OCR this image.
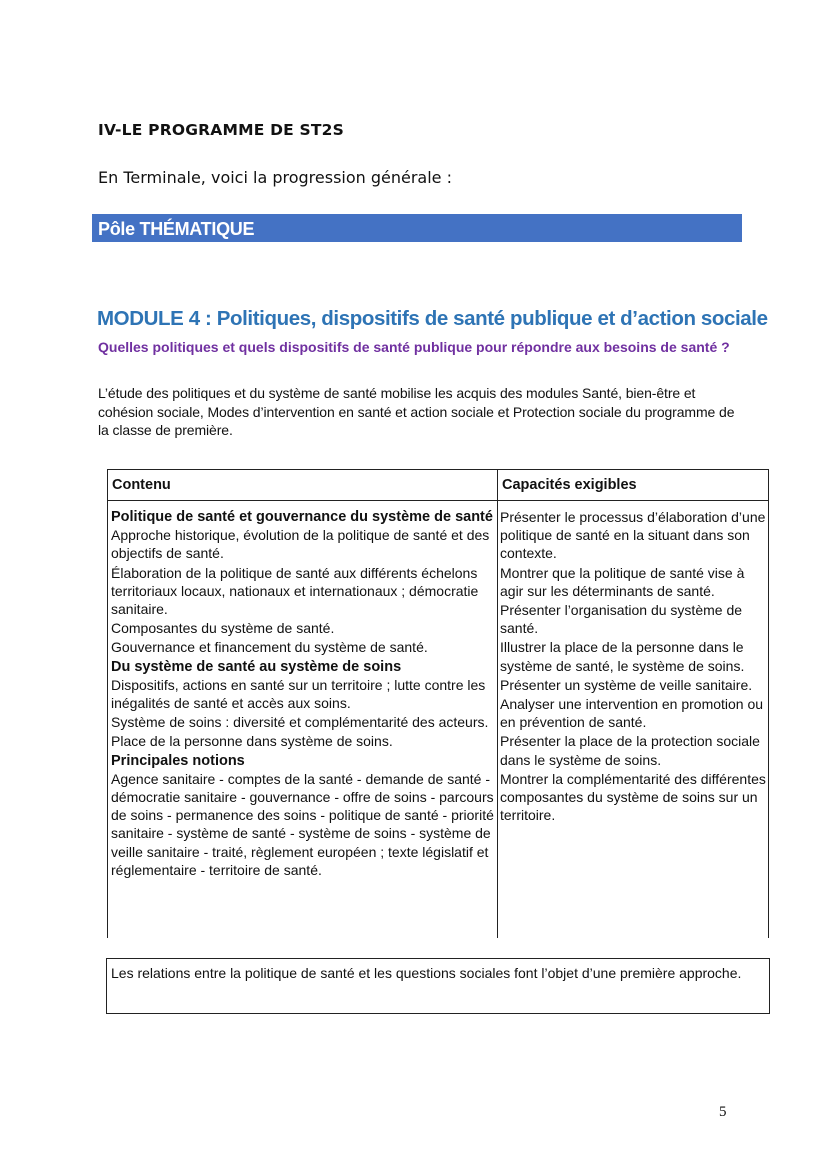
IV-LE PROGRAMME DE ST2S
En Terminale, voici la progression générale :
Pôle THÉMATIQUE
MODULE 4 : Politiques, dispositifs de santé publique et d’action sociale
Quelles politiques et quels dispositifs de santé publique pour répondre aux besoins de santé ?
L’étude des politiques et du système de santé mobilise les acquis des modules Santé, bien-être et cohésion sociale, Modes d’intervention en santé et action sociale et Protection sociale du programme de la classe de première.
Contenu	Capacités exigibles
Politique de santé et gouvernance du système de santé
Approche historique, évolution de la politique de santé et des objectifs de santé.
Élaboration de la politique de santé aux différents échelons territoriaux locaux, nationaux et internationaux ; démocratie sanitaire.
Composantes du système de santé.
Gouvernance et financement du système de santé.
Du système de santé au système de soins
Dispositifs, actions en santé sur un territoire ; lutte contre les inégalités de santé et accès aux soins.
Système de soins : diversité et complémentarité des acteurs.
Place de la personne dans système de soins.
Principales notions
Agence sanitaire - comptes de la santé - demande de santé - démocratie sanitaire - gouvernance - offre de soins - parcours de soins - permanence des soins - politique de santé - priorité sanitaire - système de santé - système de soins - système de veille sanitaire - traité, règlement européen ; texte législatif et réglementaire - territoire de santé.
Présenter le processus d’élaboration d’une politique de santé en la situant dans son contexte.
Montrer que la politique de santé vise à agir sur les déterminants de santé.
Présenter l’organisation du système de santé.
Illustrer la place de la personne dans le système de santé, le système de soins.
Présenter un système de veille sanitaire.
Analyser une intervention en promotion ou en prévention de santé.
Présenter la place de la protection sociale dans le système de soins.
Montrer la complémentarité des différentes composantes du système de soins sur un territoire.
Les relations entre la politique de santé et les questions sociales font l’objet d’une première approche.
5
